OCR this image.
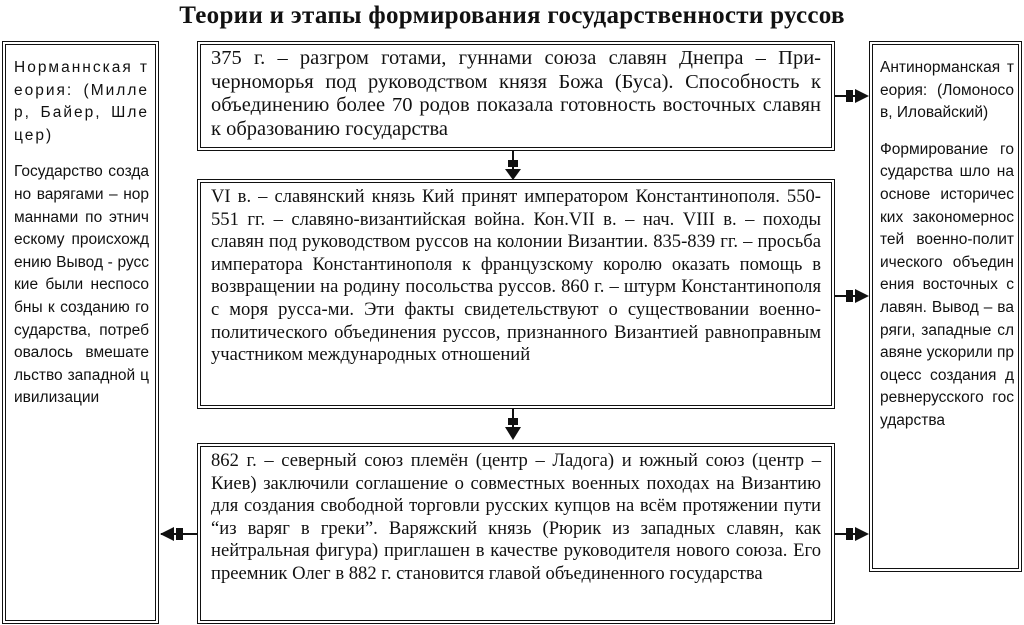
Теории и этапы формирования государственности руссов

Норманнская теория: (Миллер, Байер, Шлецер)

Государство создано варягами – норманнами по этническому происхождению Вывод - русские были неспособны к созданию государства, потребовалось вмешательство западной цивилизации

Антинорманская теория: (Ломоносов, Иловайский)

Формирование государства шло на основе исторических закономерностей военно-политического объединения восточных славян. Вывод – варяги, западные славяне ускорили процесс создания древнерусского государства

375 г. – разгром готами, гуннами союза славян Днепра – При-черноморья под руководством князя Божа (Буса). Способность к объединению более 70 родов показала готовность восточных славян к образованию государства
VI в. – славянский князь Кий принят императором Константинополя. 550-551 гг. – славяно-византийская война. Кон.VII в. – нач. VIII в. – походы славян под руководством руссов на колонии Византии. 835-839 гг. – просьба императора Константинополя к французскому королю оказать помощь в возвращении на родину посольства руссов. 860 г. – штурм Константинополя с моря русса-ми. Эти факты свидетельствуют о существовании военно-политического объединения руссов, признанного Византией равноправным участником международных отношений
862 г. – северный союз племён (центр – Ладога) и южный союз (центр – Киев) заключили соглашение о совместных военных походах на Византию для создания свободной торговли русских купцов на всём протяжении пути “из варяг в греки”. Варяжский князь (Рюрик из западных славян, как нейтральная фигура) приглашен в качестве руководителя нового союза. Его преемник Олег в 882 г. становится главой объединенного государства
